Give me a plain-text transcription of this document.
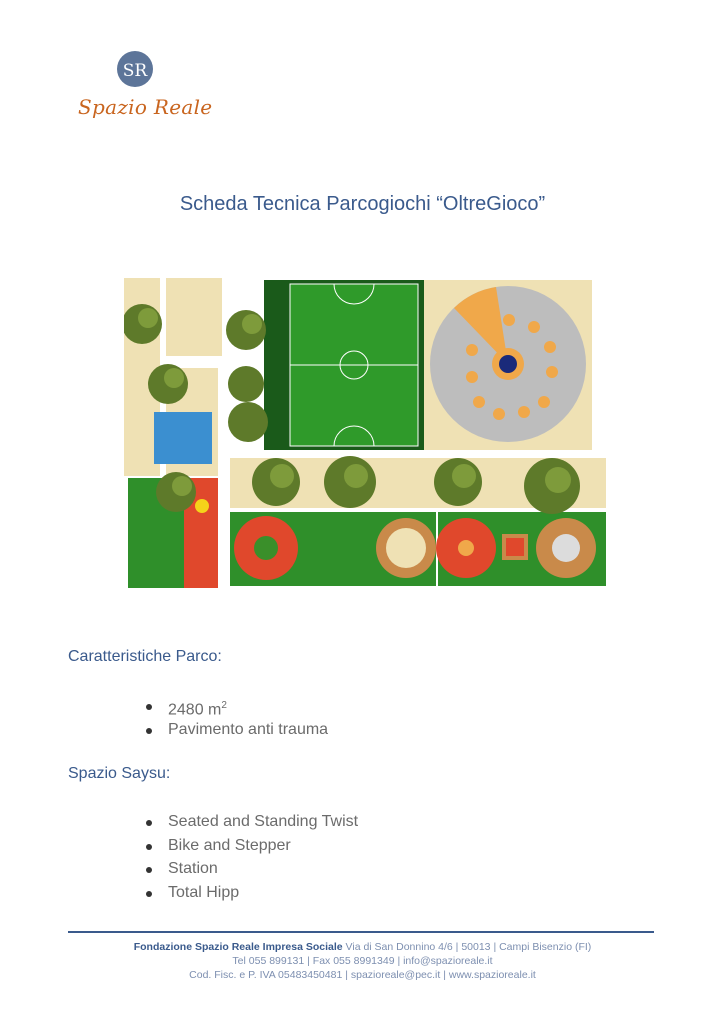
SR
Spazio Reale
Scheda Tecnica Parcogiochi “OltreGioco”
Caratteristiche Parco:
2480 $m^2$
Pavimento anti trauma
Spazio Saysu:
Seated and Standing Twist
Bike and Stepper
Station
Total Hipp
Fondazione Spazio Reale Impresa Sociale Via di San Donnino 4/6 | 50013 | Campi Bisenzio (FI)
Tel 055 899131 | Fax 055 8991349 | info@spazioreale.it
Cod. Fisc. e P. IVA 05483450481 | spazioreale@pec.it | www.spazioreale.it
